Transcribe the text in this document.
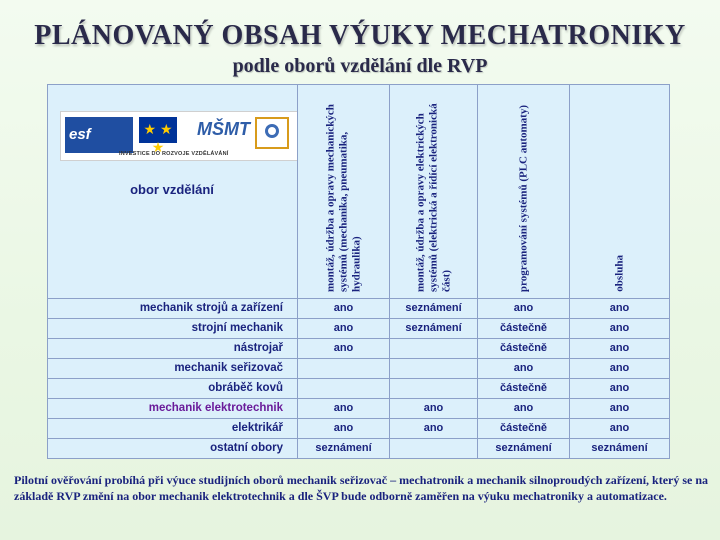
PLÁNOVANÝ OBSAH VÝUKY MECHATRONIKY
podle oborů vzdělání dle RVP
esf ★ ★ ★
MŠMT
INVESTICE DO ROZVOJE VZDĚLÁVÁNÍ
obor vzdělání	montáž, údržba a opravy mechanických systémů (mechanika, pneumatika, hydraulika)	montáž, údržba a opravy elektrických systémů (elektrická a řídící elektronická část)	programování systémů (PLC automaty)	obsluha

mechanik strojů a zařízení	ano	seznámení	ano	ano
strojní mechanik	ano	seznámení	částečně	ano
nástrojař	ano		částečně	ano
mechanik seřizovač			ano	ano
obráběč kovů			částečně	ano
mechanik elektrotechnik	ano	ano	ano	ano
elektrikář	ano	ano	částečně	ano
ostatní obory	seznámení		seznámení	seznámení
Pilotní ověřování probíhá při výuce studijních oborů mechanik seřizovač – mechatronik a mechanik silnoproudých zařízení, který se na základě RVP změní na obor mechanik elektrotechnik a dle ŠVP bude odborně zaměřen na výuku mechatroniky a automatizace.
